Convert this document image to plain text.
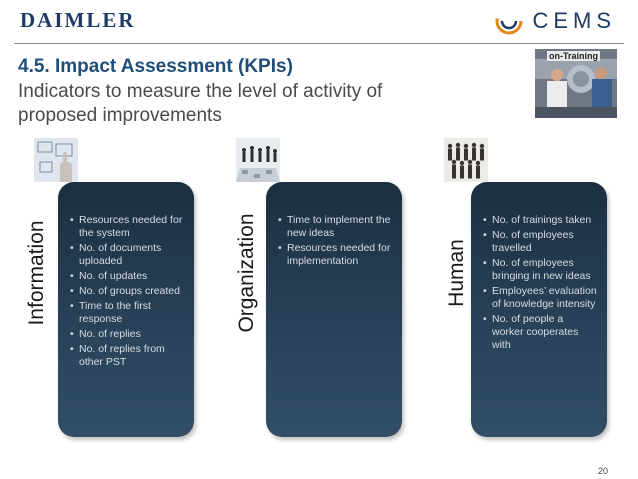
DAIMLER	CEMS
4.5. Impact Assessment (KPIs)

Indicators to measure the level of activity of proposed improvements

on-Training
Information
• Resources needed for the system
• No. of documents uploaded
• No. of updates
• No. of groups created
• Time to the first response
• No. of replies
• No. of replies from other PST
Organization
•	Time to implement the new ideas
• Resources needed for implementation	Human
• No. of trainings taken
• No. of employees travelled
• No. of employees bringing in new ideas
• Employees’ evaluation of knowledge intensity
• No. of people a worker cooperates with
20
